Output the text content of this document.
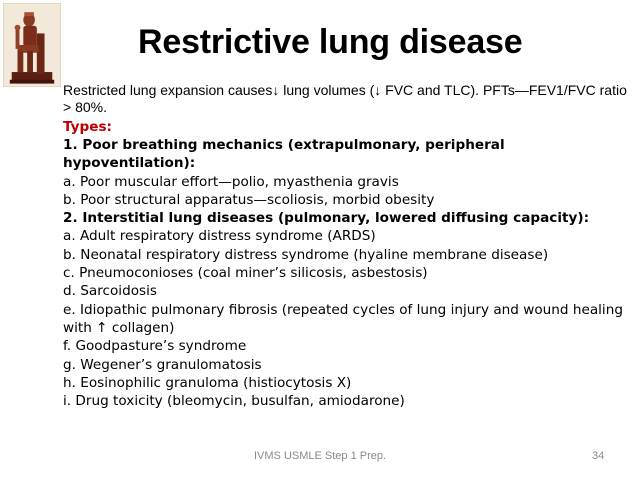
Restrictive lung disease
Restricted lung expansion causes↓ lung volumes (↓ FVC and TLC). PFTs—FEV1/FVC ratio > 80%.
Types:
1. Poor breathing mechanics (extrapulmonary, peripheral hypoventilation):
a. Poor muscular effort—polio, myasthenia gravis
b. Poor structural apparatus—scoliosis, morbid obesity
2. Interstitial lung diseases (pulmonary, lowered diffusing capacity):
a. Adult respiratory distress syndrome (ARDS)
b. Neonatal respiratory distress syndrome (hyaline membrane disease)
c. Pneumoconioses (coal miner’s silicosis, asbestosis)
d. Sarcoidosis
e. Idiopathic pulmonary fibrosis (repeated cycles of lung injury and wound healing with ↑ collagen)
f. Goodpasture’s syndrome
g. Wegener’s granulomatosis
h. Eosinophilic granuloma (histiocytosis X)
i. Drug toxicity (bleomycin, busulfan, amiodarone)
IVMS USMLE Step 1 Prep.	34
